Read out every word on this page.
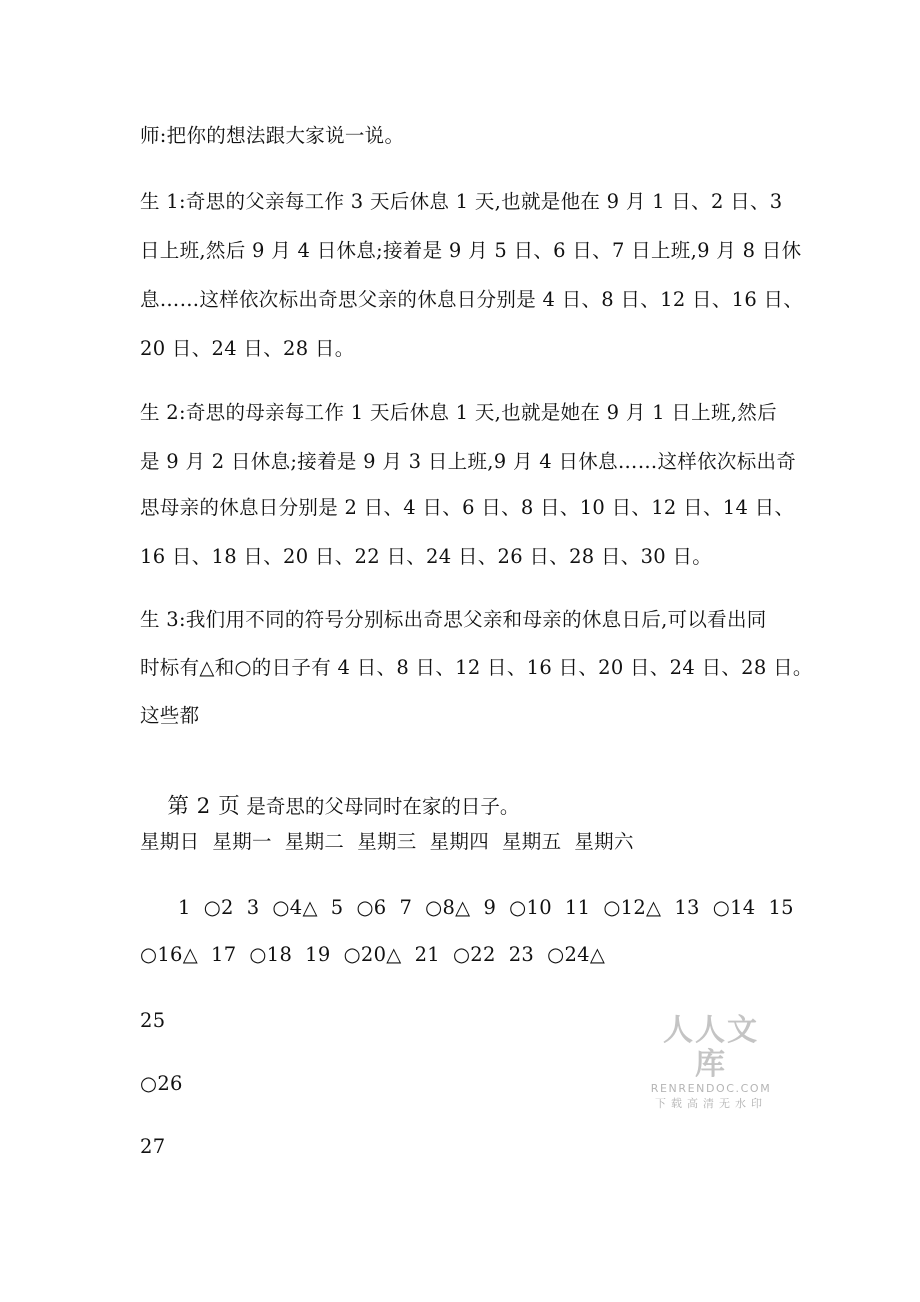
师:把你的想法跟大家说一说。
生 1:奇思的父亲每工作 3 天后休息 1 天,也就是他在 9 月 1 日、2 日、3
日上班,然后 9 月 4 日休息;接着是 9 月 5 日、6 日、7 日上班,9 月 8 日休
息……这样依次标出奇思父亲的休息日分别是 4 日、8 日、12 日、16 日、
20 日、24 日、28 日。
生 2:奇思的母亲每工作 1 天后休息 1 天,也就是她在 9 月 1 日上班,然后
是 9 月 2 日休息;接着是 9 月 3 日上班,9 月 4 日休息……这样依次标出奇
思母亲的休息日分别是 2 日、4 日、6 日、8 日、10 日、12 日、14 日、
16 日、18 日、20 日、22 日、24 日、26 日、28 日、30 日。
生 3:我们用不同的符号分别标出奇思父亲和母亲的休息日后,可以看出同
时标有△和○的日子有 4 日、8 日、12 日、16 日、20 日、24 日、28 日。
这些都

第 2 页 是奇思的父母同时在家的日子。

星期日  星期一  星期二  星期三  星期四  星期五  星期六
1  ○2  3  ○4△  5  ○6  7  ○8△  9  ○10  11  ○12△  13  ○14  15
○16△  17  ○18  19  ○20△  21  ○22  23  ○24△
25
○26
27
人人文库
RENRENDOC.COM
下载高清无水印
